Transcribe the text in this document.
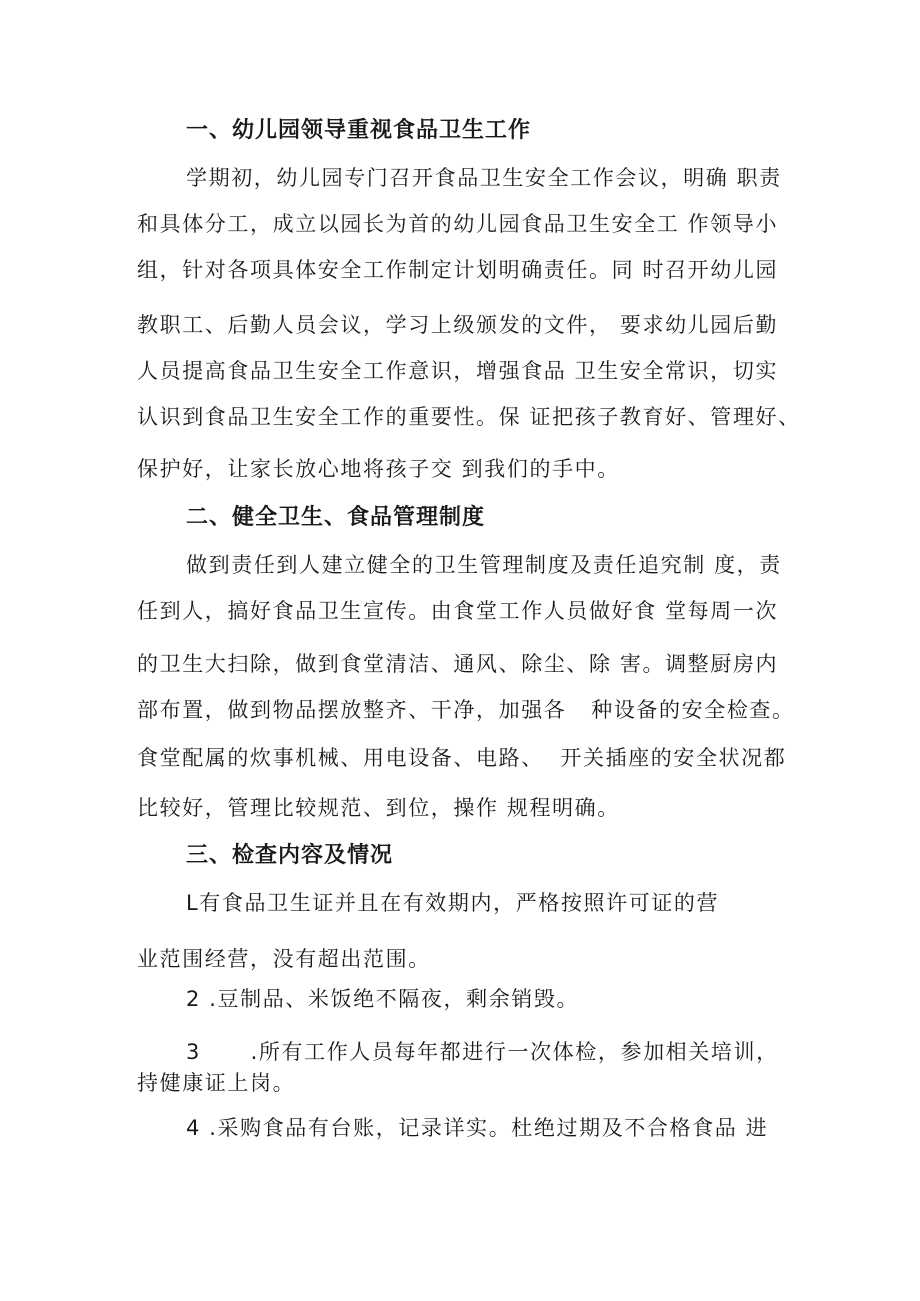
一、幼儿园领导重视食品卫生工作
学期初，幼儿园专门召开食品卫生安全工作会议，明确 职责
和具体分工，成立以园长为首的幼儿园食品卫生安全工 作领导小
组，针对各项具体安全工作制定计划明确责任。同 时召开幼儿园
教职工、后勤人员会议，学习上级颁发的文件， 要求幼儿园后勤
人员提高食品卫生安全工作意识，增强食品 卫生安全常识，切实
认识到食品卫生安全工作的重要性。保 证把孩子教育好、管理好、
保护好，让家长放心地将孩子交 到我们的手中。
二、健全卫生、食品管理制度
做到责任到人建立健全的卫生管理制度及责任追究制 度，责
任到人，搞好食品卫生宣传。由食堂工作人员做好食 堂每周一次
的卫生大扫除，做到食堂清洁、通风、除尘、除 害。调整厨房内
部布置，做到物品摆放整齐、干净，加强各   种设备的安全检查。
食堂配属的炊事机械、用电设备、电路、  开关插座的安全状况都
比较好，管理比较规范、到位，操作 规程明确。
三、检查内容及情况
L有食品卫生证并且在有效期内，严格按照许可证的营
业范围经营，没有超出范围。
2 .豆制品、米饭绝不隔夜，剩余销毁。
3      .所有工作人员每年都进行一次体检，参加相关培训，
持健康证上岗。
4 .采购食品有台账，记录详实。杜绝过期及不合格食品 进
